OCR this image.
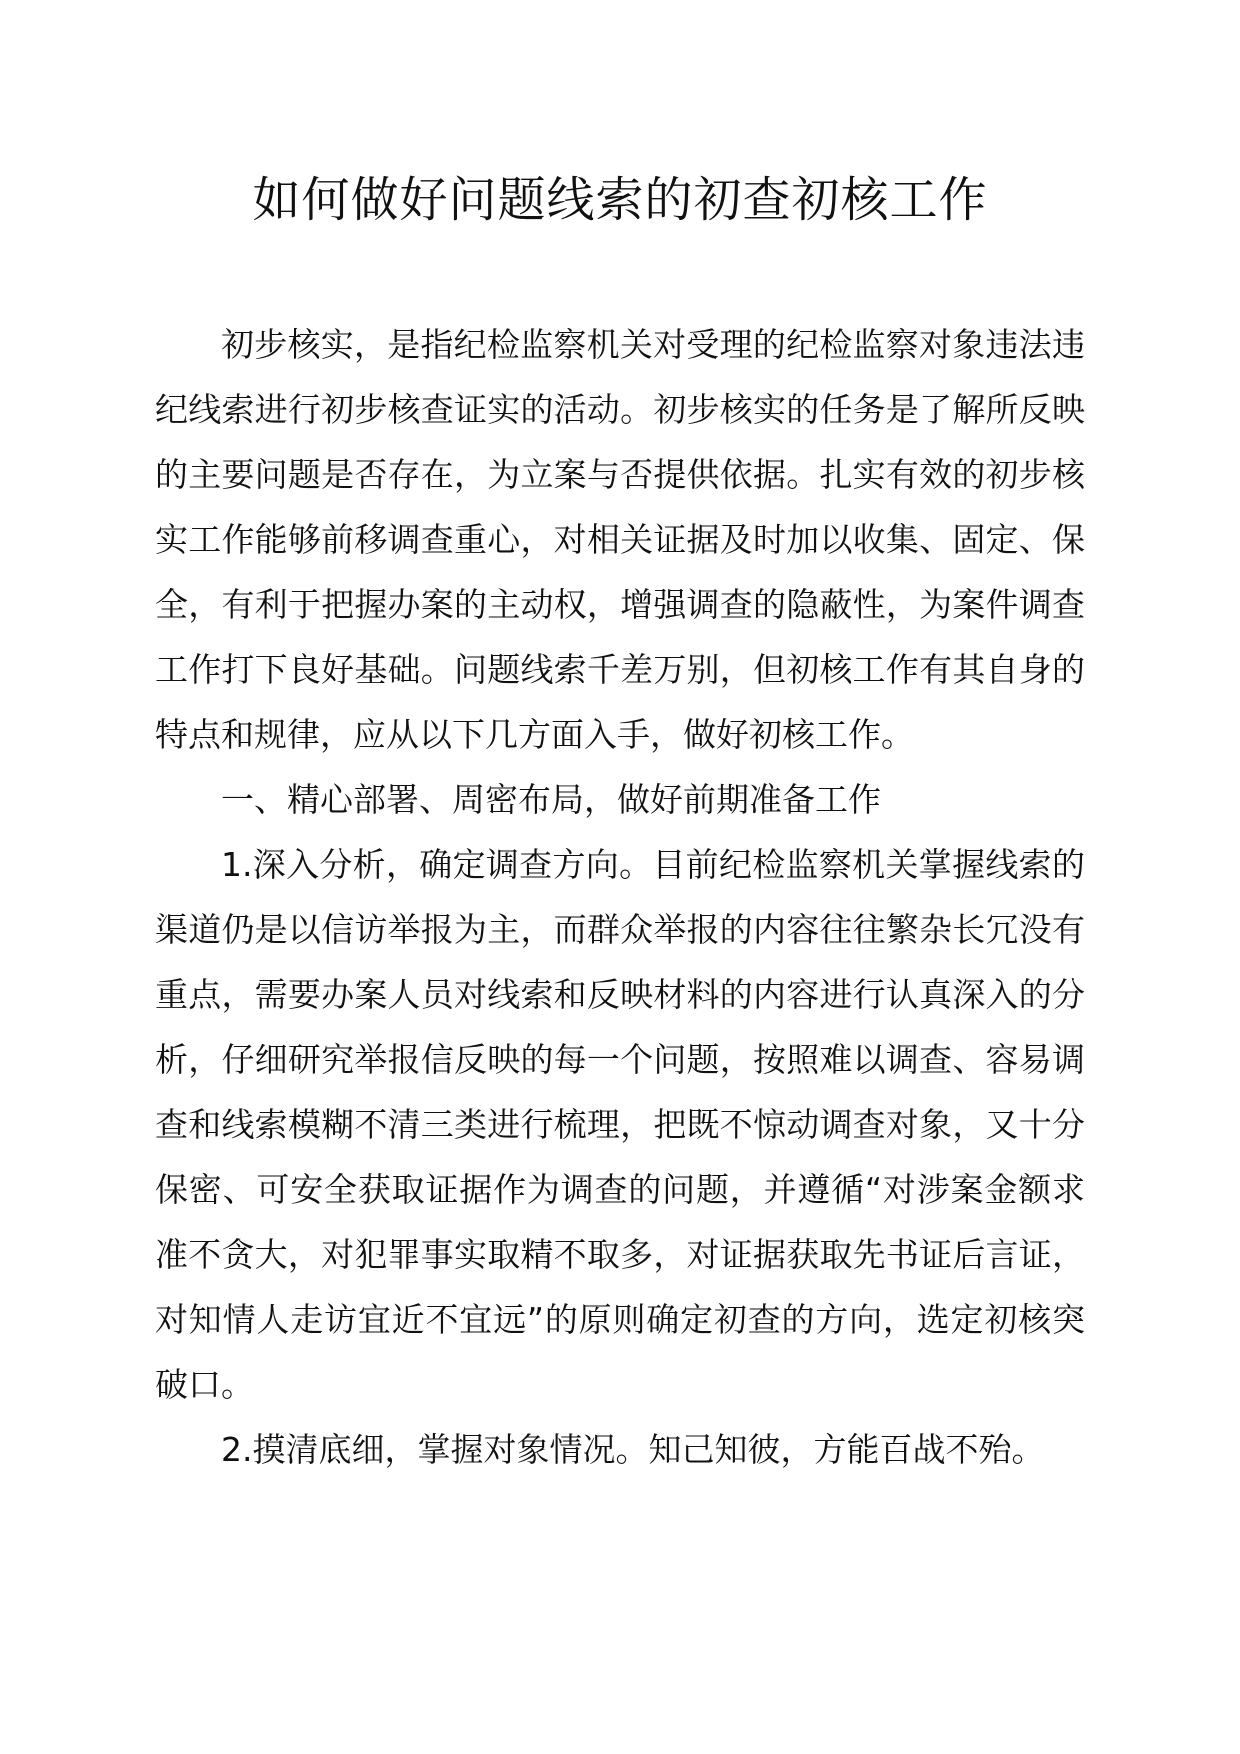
如何做好问题线索的初查初核工作

初步核实，是指纪检监察机关对受理的纪检监察对象违法违纪线索进行初步核查证实的活动。初步核实的任务是了解所反映的主要问题是否存在，为立案与否提供依据。扎实有效的初步核实工作能够前移调查重心，对相关证据及时加以收集、固定、保全，有利于把握办案的主动权，增强调查的隐蔽性，为案件调查工作打下良好基础。问题线索千差万别，但初核工作有其自身的特点和规律，应从以下几方面入手，做好初核工作。

一、精心部署、周密布局，做好前期准备工作

1.深入分析，确定调查方向。目前纪检监察机关掌握线索的渠道仍是以信访举报为主，而群众举报的内容往往繁杂长冗没有重点，需要办案人员对线索和反映材料的内容进行认真深入的分析，仔细研究举报信反映的每一个问题，按照难以调查、容易调查和线索模糊不清三类进行梳理，把既不惊动调查对象，又十分保密、可安全获取证据作为调查的问题，并遵循“对涉案金额求准不贪大，对犯罪事实取精不取多，对证据获取先书证后言证，对知情人走访宜近不宜远”的原则确定初查的方向，选定初核突破口。

2.摸清底细，掌握对象情况。知己知彼，方能百战不殆。
